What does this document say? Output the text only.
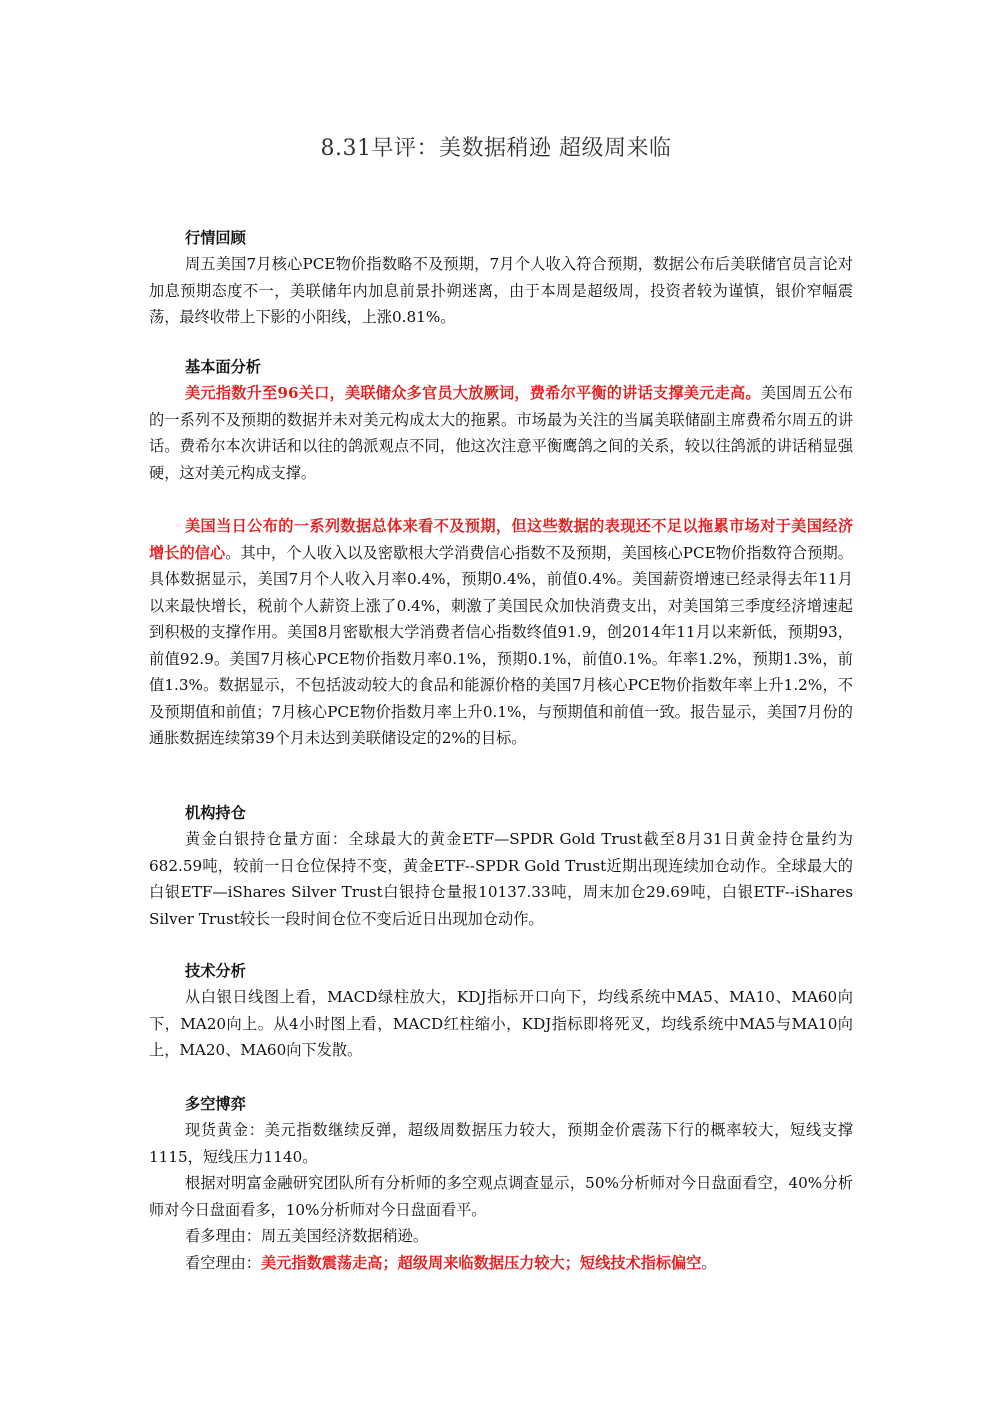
8.31早评：美数据稍逊 超级周来临
行情回顾
周五美国7月核心PCE物价指数略不及预期，7月个人收入符合预期，数据公布后美联储官员言论对加息预期态度不一，美联储年内加息前景扑朔迷离，由于本周是超级周，投资者较为谨慎，银价窄幅震荡，最终收带上下影的小阳线，上涨0.81%。
基本面分析
美元指数升至96关口，美联储众多官员大放厥词，费希尔平衡的讲话支撑美元走高。美国周五公布的一系列不及预期的数据并未对美元构成太大的拖累。市场最为关注的当属美联储副主席费希尔周五的讲话。费希尔本次讲话和以往的鸽派观点不同，他这次注意平衡鹰鸽之间的关系，较以往鸽派的讲话稍显强硬，这对美元构成支撑。
美国当日公布的一系列数据总体来看不及预期，但这些数据的表现还不足以拖累市场对于美国经济增长的信心。其中，个人收入以及密歇根大学消费信心指数不及预期，美国核心PCE物价指数符合预期。具体数据显示，美国7月个人收入月率0.4%，预期0.4%，前值0.4%。美国薪资增速已经录得去年11月以来最快增长，税前个人薪资上涨了0.4%，刺激了美国民众加快消费支出，对美国第三季度经济增速起到积极的支撑作用。美国8月密歇根大学消费者信心指数终值91.9，创2014年11月以来新低，预期93，前值92.9。美国7月核心PCE物价指数月率0.1%，预期0.1%，前值0.1%。年率1.2%，预期1.3%，前值1.3%。数据显示，不包括波动较大的食品和能源价格的美国7月核心PCE物价指数年率上升1.2%，不及预期值和前值；7月核心PCE物价指数月率上升0.1%，与预期值和前值一致。报告显示，美国7月份的通胀数据连续第39个月未达到美联储设定的2%的目标。
机构持仓
黄金白银持仓量方面：全球最大的黄金ETF—SPDR Gold Trust截至8月31日黄金持仓量约为682.59吨，较前一日仓位保持不变，黄金ETF--SPDR Gold Trust近期出现连续加仓动作。全球最大的白银ETF—iShares Silver Trust白银持仓量报10137.33吨，周末加仓29.69吨，白银ETF--iShares Silver Trust较长一段时间仓位不变后近日出现加仓动作。
技术分析
从白银日线图上看，MACD绿柱放大，KDJ指标开口向下，均线系统中MA5、MA10、MA60向下，MA20向上。从4小时图上看，MACD红柱缩小，KDJ指标即将死叉，均线系统中MA5与MA10向上，MA20、MA60向下发散。
多空博弈
现货黄金：美元指数继续反弹，超级周数据压力较大，预期金价震荡下行的概率较大，短线支撑1115，短线压力1140。
根据对明富金融研究团队所有分析师的多空观点调查显示，50%分析师对今日盘面看空，40%分析师对今日盘面看多，10%分析师对今日盘面看平。
看多理由：周五美国经济数据稍逊。
看空理由：美元指数震荡走高；超级周来临数据压力较大；短线技术指标偏空。
